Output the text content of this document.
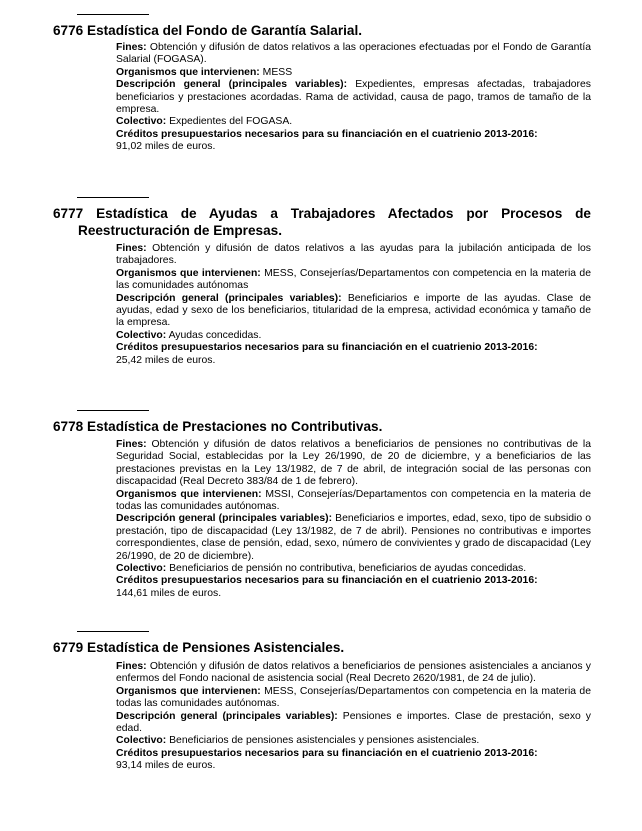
6776 Estadística del Fondo de Garantía Salarial.

Fines: Obtención y difusión de datos relativos a las operaciones efectuadas por el Fondo de Garantía Salarial (FOGASA).

Organismos que intervienen: MESS

Descripción general (principales variables): Expedientes, empresas afectadas, trabajadores beneficiarios y prestaciones acordadas. Rama de actividad, causa de pago, tramos de tamaño de la empresa.

Colectivo: Expedientes del FOGASA.

Créditos presupuestarios necesarios para su financiación en el cuatrienio 2013-2016:

91,02 miles de euros.

6777 Estadística de Ayudas a Trabajadores Afectados por Procesos de
Reestructuración de Empresas.

Fines: Obtención y difusión de datos relativos a las ayudas para la jubilación anticipada de los trabajadores.

Organismos que intervienen: MESS, Consejerías/Departamentos con competencia en la materia de las comunidades autónomas

Descripción general (principales variables): Beneficiarios e importe de las ayudas. Clase de ayudas, edad y sexo de los beneficiarios, titularidad de la empresa, actividad económica y tamaño de la empresa.

Colectivo: Ayudas concedidas.

Créditos presupuestarios necesarios para su financiación en el cuatrienio 2013-2016:

25,42 miles de euros.

6778 Estadística de Prestaciones no Contributivas.

Fines: Obtención y difusión de datos relativos a beneficiarios de pensiones no contributivas de la Seguridad Social, establecidas por la Ley 26/1990, de 20 de diciembre, y a beneficiarios de las prestaciones previstas en la Ley 13/1982, de 7 de abril, de integración social de las personas con discapacidad (Real Decreto 383/84 de 1 de febrero).

Organismos que intervienen: MSSI, Consejerías/Departamentos con competencia en la materia de todas las comunidades autónomas.

Descripción general (principales variables): Beneficiarios e importes, edad, sexo, tipo de subsidio o prestación, tipo de discapacidad (Ley 13/1982, de 7 de abril). Pensiones no contributivas e importes correspondientes, clase de pensión, edad, sexo, número de convivientes y grado de discapacidad (Ley 26/1990, de 20 de diciembre).

Colectivo: Beneficiarios de pensión no contributiva, beneficiarios de ayudas concedidas.

Créditos presupuestarios necesarios para su financiación en el cuatrienio 2013-2016:

144,61 miles de euros.

6779 Estadística de Pensiones Asistenciales.

Fines: Obtención y difusión de datos relativos a beneficiarios de pensiones asistenciales a ancianos y enfermos del Fondo nacional de asistencia social (Real Decreto 2620/1981, de 24 de julio).

Organismos que intervienen: MESS, Consejerías/Departamentos con competencia en la materia de todas las comunidades autónomas.

Descripción general (principales variables): Pensiones e importes. Clase de prestación, sexo y edad.

Colectivo: Beneficiarios de pensiones asistenciales y pensiones asistenciales.

Créditos presupuestarios necesarios para su financiación en el cuatrienio 2013-2016:

93,14 miles de euros.
